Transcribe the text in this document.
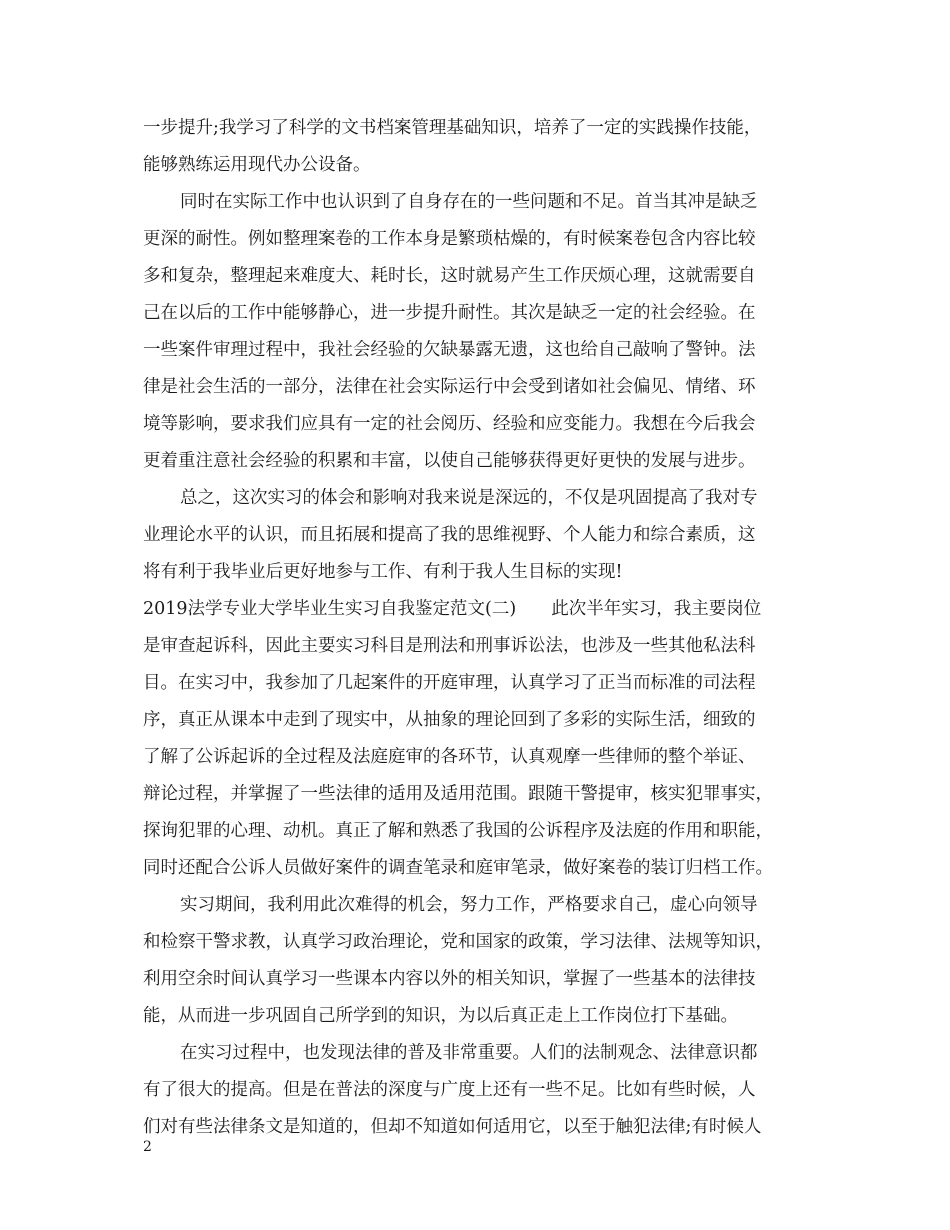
一步提升;我学习了科学的文书档案管理基础知识，培养了一定的实践操作技能，
能够熟练运用现代办公设备。
同时在实际工作中也认识到了自身存在的一些问题和不足。首当其冲是缺乏
更深的耐性。例如整理案卷的工作本身是繁琐枯燥的，有时候案卷包含内容比较
多和复杂，整理起来难度大、耗时长，这时就易产生工作厌烦心理，这就需要自
己在以后的工作中能够静心，进一步提升耐性。其次是缺乏一定的社会经验。在
一些案件审理过程中，我社会经验的欠缺暴露无遗，这也给自己敲响了警钟。法
律是社会生活的一部分，法律在社会实际运行中会受到诸如社会偏见、情绪、环
境等影响，要求我们应具有一定的社会阅历、经验和应变能力。我想在今后我会
更着重注意社会经验的积累和丰富，以使自己能够获得更好更快的发展与进步。
总之，这次实习的体会和影响对我来说是深远的，不仅是巩固提高了我对专
业理论水平的认识，而且拓展和提高了我的思维视野、个人能力和综合素质，这
将有利于我毕业后更好地参与工作、有利于我人生目标的实现!
2019法学专业大学毕业生实习自我鉴定范文(二)　　此次半年实习，我主要岗位
是审查起诉科，因此主要实习科目是刑法和刑事诉讼法，也涉及一些其他私法科
目。在实习中，我参加了几起案件的开庭审理，认真学习了正当而标准的司法程
序，真正从课本中走到了现实中，从抽象的理论回到了多彩的实际生活，细致的
了解了公诉起诉的全过程及法庭庭审的各环节，认真观摩一些律师的整个举证、
辩论过程，并掌握了一些法律的适用及适用范围。跟随干警提审，核实犯罪事实，
探询犯罪的心理、动机。真正了解和熟悉了我国的公诉程序及法庭的作用和职能，
同时还配合公诉人员做好案件的调查笔录和庭审笔录，做好案卷的装订归档工作。
实习期间，我利用此次难得的机会，努力工作，严格要求自己，虚心向领导
和检察干警求教，认真学习政治理论，党和国家的政策，学习法律、法规等知识，
利用空余时间认真学习一些课本内容以外的相关知识，掌握了一些基本的法律技
能，从而进一步巩固自己所学到的知识，为以后真正走上工作岗位打下基础。
在实习过程中，也发现法律的普及非常重要。人们的法制观念、法律意识都
有了很大的提高。但是在普法的深度与广度上还有一些不足。比如有些时候，人
们对有些法律条文是知道的，但却不知道如何适用它，以至于触犯法律;有时候人
2
